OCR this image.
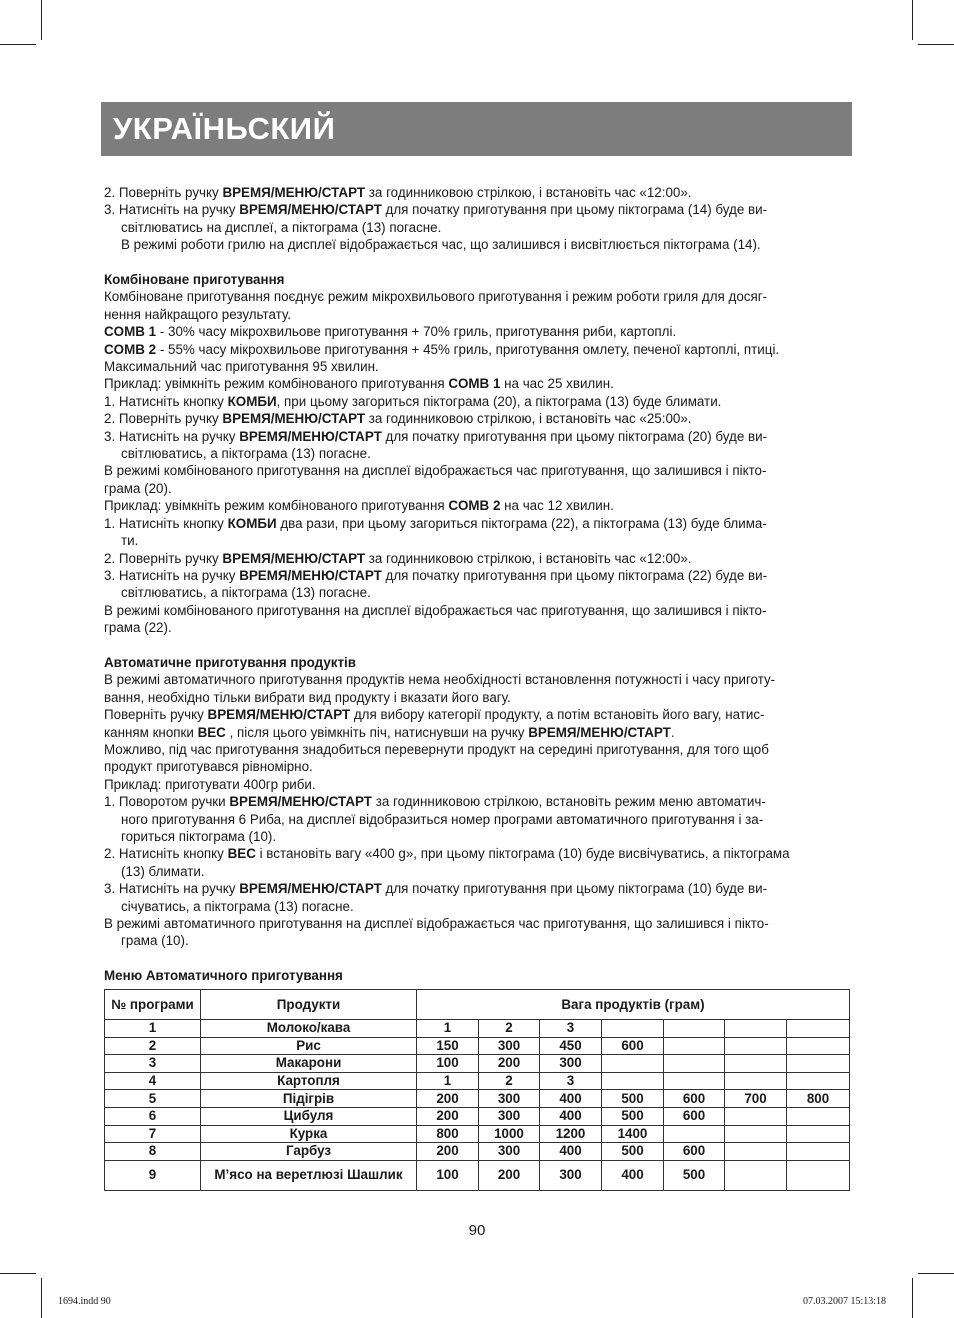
УКРАЇНЬСКИЙ
2. Поверніть ручку ВРЕМЯ/МЕНЮ/СТАРТ за годинниковою стрілкою, і встановіть час «12:00».
3. Натисніть на ручку ВРЕМЯ/МЕНЮ/СТАРТ для початку приготування при цьому піктограма (14) буде ви-
світлюватись на дисплеї, а піктограма (13) погасне.
В режимі роботи грилю на дисплеї відображається час, що залишився і висвітлюється піктограма (14).
Комбіноване приготування
Комбіноване приготування поєднує режим мікрохвильового приготування і режим роботи гриля для досяг-
нення найкращого результату.
COMB 1 - 30% часу мікрохвильове приготування + 70% гриль, приготування риби, картоплі.
COMB 2 - 55% часу мікрохвильове приготування + 45% гриль, приготування омлету, печеної картоплі, птиці.
Максимальний час приготування 95 хвилин.
Приклад: увімкніть режим комбінованого приготування COMB 1 на час 25 хвилин.
1. Натисніть кнопку КОМБИ, при цьому загориться піктограма (20), а піктограма (13) буде блимати.
2. Поверніть ручку ВРЕМЯ/МЕНЮ/СТАРТ за годинниковою стрілкою, і встановіть час «25:00».
3. Натисніть на ручку ВРЕМЯ/МЕНЮ/СТАРТ для початку приготування при цьому піктограма (20) буде ви-
світлюватись, а піктограма (13) погасне.
В режимі комбінованого приготування на дисплеї відображається час приготування, що залишився і пікто-
грама (20).
Приклад: увімкніть режим комбінованого приготування COMB 2 на час 12 хвилин.
1. Натисніть кнопку КОМБИ два рази, при цьому загориться піктограма (22), а піктограма (13) буде блима-
ти.
2. Поверніть ручку ВРЕМЯ/МЕНЮ/СТАРТ за годинниковою стрілкою, і встановіть час «12:00».
3. Натисніть на ручку ВРЕМЯ/МЕНЮ/СТАРТ для початку приготування при цьому піктограма (22) буде ви-
світлюватись, а піктограма (13) погасне.
В режимі комбінованого приготування на дисплеї відображається час приготування, що залишився і пікто-
грама (22).
Автоматичне приготування продуктів
В режимі автоматичного приготування продуктів нема необхідності встановлення потужності і часу приготу-
вання, необхідно тільки вибрати вид продукту і вказати його вагу.
Поверніть ручку ВРЕМЯ/МЕНЮ/СТАРТ для вибору категорії продукту, а потім встановіть його вагу, натис-
канням кнопки ВЕС , після цього увімкніть піч, натиснувши на ручку ВРЕМЯ/МЕНЮ/СТАРТ.
Можливо, під час приготування знадобиться перевернути продукт на середині приготування, для того щоб
продукт приготувався рівномірно.
Приклад: приготувати 400гр риби.
1. Поворотом ручки ВРЕМЯ/МЕНЮ/СТАРТ за годинниковою стрілкою, встановіть режим меню автоматич-
ного приготування 6 Риба, на дисплеї відобразиться номер програми автоматичного приготування і за-
гориться піктограма (10).
2. Натисніть кнопку ВЕС і встановіть вагу «400 g», при цьому піктограма (10) буде висвічуватись, а піктограма
(13) блимати.
3. Натисніть на ручку ВРЕМЯ/МЕНЮ/СТАРТ для початку приготування при цьому піктограма (10) буде ви-
січуватись, а піктограма (13) погасне.
В режимі автоматичного приготування на дисплеї відображається час приготування, що залишився і пікто-
грама (10).
Меню Автоматичного приготування
№ програми	Продукти	Вага продуктів (грам)						
1	Молоко/кава	1	2	3				
2	Рис	150	300	450	600			
3	Макарони	100	200	300				
4	Картопля	1	2	3				
5	Підігрів	200	300	400	500	600	700	800
6	Цибуля	200	300	400	500	600		
7	Курка	800	1000	1200	1400			
8	Гарбуз	200	300	400	500	600		
9	М’ясо на веретлюзі Шашлик	100	200	300	400	500		
90
1694.indd 90	07.03.2007 15:13:18
